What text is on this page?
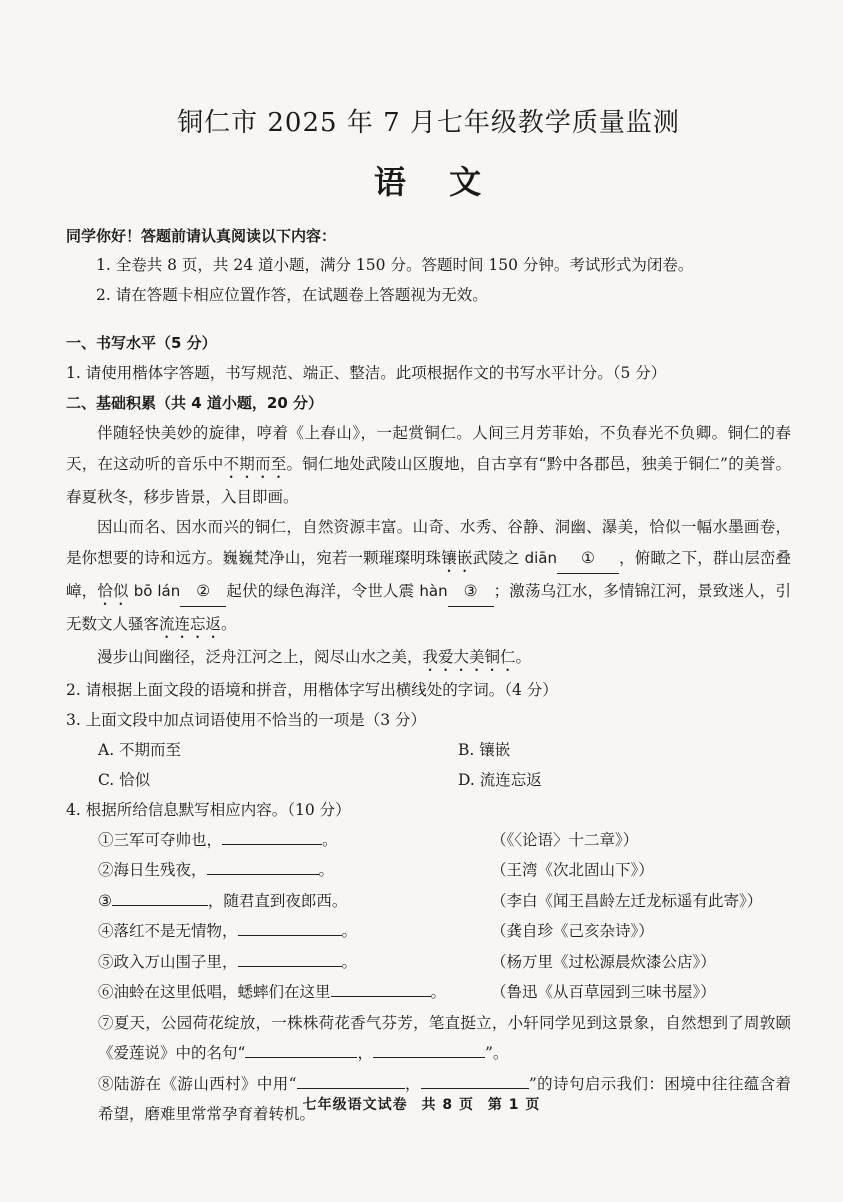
铜仁市 2025 年 7 月七年级教学质量监测
语 文
同学你好！答题前请认真阅读以下内容：
1. 全卷共 8 页，共 24 道小题，满分 150 分。答题时间 150 分钟。考试形式为闭卷。
2. 请在答题卡相应位置作答，在试题卷上答题视为无效。
一、书写水平（5 分）
1. 请使用楷体字答题，书写规范、端正、整洁。此项根据作文的书写水平计分。（5 分）
二、基础积累（共 4 道小题，20 分）

伴随轻快美妙的旋律，哼着《上春山》，一起赏铜仁。人间三月芳菲始，不负春光不负卿。铜仁的春天，在这动听的音乐中不期而至。铜仁地处武陵山区腹地，自古享有“黔中各郡邑，独美于铜仁”的美誉。春夏秋冬，移步皆景，入目即画。

因山而名、因水而兴的铜仁，自然资源丰富。山奇、水秀、谷静、洞幽、瀑美，恰似一幅水墨画卷，是你想要的诗和远方。巍巍梵净山，宛若一颗璀璨明珠镶嵌武陵之 diān ① ，俯瞰之下，群山层峦叠嶂，恰似 bō lán ② 起伏的绿色海洋，令世人震 hàn ③ ；激荡乌江水，多情锦江河，景致迷人，引无数文人骚客流连忘返。

漫步山间幽径，泛舟江河之上，阅尽山水之美，我爱大美铜仁。

2. 请根据上面文段的语境和拼音，用楷体字写出横线处的字词。（4 分）
3. 上面文段中加点词语使用不恰当的一项是（3 分）
A. 不期而至	B. 镶嵌
C. 恰似	D. 流连忘返
4. 根据所给信息默写相应内容。（10 分）
①三军可夺帅也，	。	（《〈论语〉十二章》）
②海日生残夜，	。	（王湾《次北固山下》）
③	，随君直到夜郎西。	（李白《闻王昌龄左迁龙标遥有此寄》）
④落红不是无情物，	。	（龚自珍《己亥杂诗》）
⑤政入万山围子里，	。	（杨万里《过松源晨炊漆公店》）
⑥油蛉在这里低唱，蟋蟀们在这里	。	（鲁迅《从百草园到三味书屋》）

⑦夏天，公园荷花绽放，一株株荷花香气芬芳，笔直挺立，小轩同学见到这景象，自然想到了周敦颐《爱莲说》中的名句“	，	”。

⑧陆游在《游山西村》中用“	，	”的诗句启示我们：困境中往往蕴含着希望，磨难里常常孕育着转机。

七年级语文试卷 共 8 页 第 1 页
